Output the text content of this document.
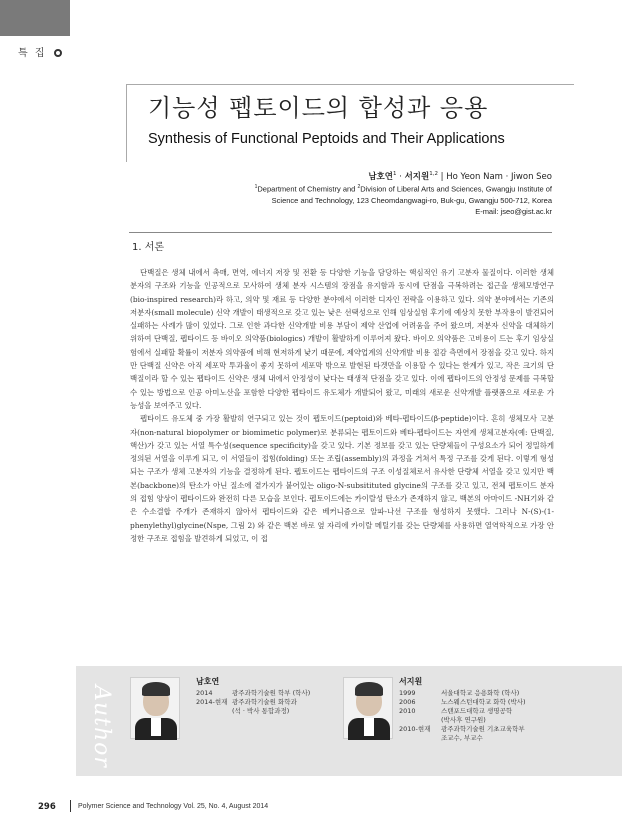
특 집
기능성 펩토이드의 합성과 응용
Synthesis of Functional Peptoids and Their Applications
남호연$^1$ · 서지원$^{1,2}$ | Ho Yeon Nam · Jiwon Seo
$^1$Department of Chemistry and $^2$Division of Liberal Arts and Sciences, Gwangju Institute of
Science and Technology, 123 Cheomdangwagi-ro, Buk-gu, Gwangju 500-712, Korea
E-mail: jseo@gist.ac.kr
1. 서론

단백질은 생체 내에서 촉매, 면역, 에너지 저장 및 전환 등 다양한 기능을 담당하는 핵심적인 유기 고분자 물질이다. 이러한 생체 분자의 구조와 기능을 인공적으로 모사하여 생체 분자 시스템의 장점을 유지함과 동시에 단점을 극복하려는 접근을 생체모방연구(bio-inspired research)라 하고, 의약 및 재료 등 다양한 분야에서 이러한 디자인 전략을 이용하고 있다. 의약 분야에서는 기존의 저분자(small molecule) 신약 개발이 태생적으로 갖고 있는 낮은 선택성으로 인해 임상실험 후기에 예상치 못한 부작용이 발견되어 실패하는 사례가 많이 있었다. 그로 인한 과다한 신약개발 비용 부담이 제약 산업에 어려움을 주어 왔으며, 저분자 신약을 대체하기 위하여 단백질, 펩타이드 등 바이오 의약품(biologics) 개발이 활발하게 이루어져 왔다. 바이오 의약품은 고비용이 드는 후기 임상실험에서 실패할 확률이 저분자 의약품에 비해 현저하게 낮기 때문에, 제약업계의 신약개발 비용 절감 측면에서 장점을 갖고 있다. 하지만 단백질 신약은 아직 세포막 투과율이 좋지 못하여 세포막 밖으로 발현된 타겟만을 이용할 수 있다는 한계가 있고, 작은 크기의 단백질이라 할 수 있는 펩타이드 신약은 생체 내에서 안정성이 낮다는 태생적 단점을 갖고 있다. 이에 펩타이드의 안정성 문제를 극복할 수 있는 방법으로 인공 아미노산을 포함한 다양한 펩타이드 유도체가 개발되어 왔고, 미래의 새로운 신약개발 플랫폼으로 새로운 가능성을 보여주고 있다.

펩타이드 유도체 중 가장 활발히 연구되고 있는 것이 펩토이드(peptoid)와 베타-펩타이드(β-peptide)이다. 흔히 생체모사 고분자(non-natural biopolymer or biomimetic polymer)로 분류되는 펩토이드와 베타-펩타이드는 자연계 생체고분자(예: 단백질, 핵산)가 갖고 있는 서열 특수성(sequence specificity)을 갖고 있다. 기본 정보를 갖고 있는 단량체들이 구성요소가 되어 정밀하게 정의된 서열을 이루게 되고, 이 서열들이 접힘(folding) 또는 조립(assembly)의 과정을 거쳐서 특정 구조를 갖게 된다. 이렇게 형성되는 구조가 생체 고분자의 기능을 결정하게 된다. 펩토이드는 펩타이드의 구조 이성질체로서 유사한 단량체 서열을 갖고 있지만 백본(backbone)의 탄소가 아닌 질소에 곁가지가 붙어있는 oligo-N-subsitituted glycine의 구조를 갖고 있고, 전체 펩토이드 분자의 접힘 양상이 펩타이드와 완전히 다른 모습을 보인다. 펩토이드에는 카이랄성 탄소가 존재하지 않고, 백본의 아마이드 -NH기와 같은 수소결합 주개가 존재하지 않아서 펩타이드와 같은 베커니즘으로 알파-나선 구조를 형성하지 못했다. 그러나 N-(S)-(1-phenylethyl)glycine(Nspe, 그림 2) 와 같은 백본 바로 옆 자리에 카이랄 메틸기를 갖는 단량체를 사용하면 열역학적으로 가장 안정한 구조로 접힘을 발견하게 되었고, 이 접

Author
남호연
2014
2014-현재
광주과학기술원 학부 (학사)
광주과학기술원 화학과
(석 · 박사 통합과정)
서지원
1999
2006
2010

2010-현재
서울대학교 응용화학 (학사)
노스웨스턴대학교 화학 (박사)
스탠포드대학교 생명공학
(박사후 연구원)
광주과학기술원 기초교육학부
조교수, 부교수
296	Polymer Science and Technology Vol. 25, No. 4, August 2014
